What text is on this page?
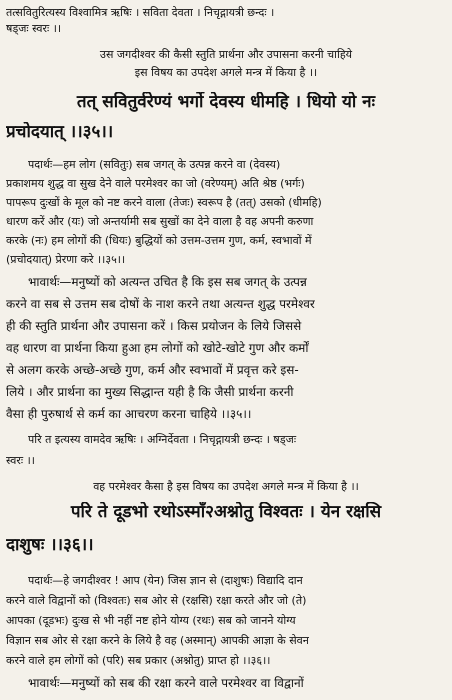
तत्सवितुरित्यस्य विश्वामित्र ऋषिः । सविता देवता । निचृद्गायत्री छन्दः ।
षड्जः स्वरः ।।
उस जगदीश्वर की कैसी स्तुति प्रार्थना और उपासना करनी चाहिये
इस विषय का उपदेश अगले मन्त्र में किया है ।।
तत् सवितुर्वरेण्यं भर्गो देवस्य धीमहि । धियो यो नः
प्रचोदयात् ।।३५।।
पदार्थः—हम लोग (सवितुः) सब जगत् के उत्पन्न करने वा (देवस्य)
प्रकाशमय शुद्ध वा सुख देने वाले परमेश्वर का जो (वरेण्यम्) अति श्रेष्ठ (भर्गः)
पापरूप दुःखों के मूल को नष्ट करने वाला (तेजः) स्वरूप है (तत्) उसको (धीमहि)
धारण करें और (यः) जो अन्तर्यामी सब सुखों का देने वाला है वह अपनी करुणा
करके (नः) हम लोगों की (धियः) बुद्धियों को उत्तम-उत्तम गुण, कर्म, स्वभावों में
(प्रचोदयात्) प्रेरणा करे ।।३५।।
भावार्थः—मनुष्यों को अत्यन्त उचित है कि इस सब जगत् के उत्पन्न
करने वा सब से उत्तम सब दोषों के नाश करने तथा अत्यन्त शुद्ध परमेश्वर
ही की स्तुति प्रार्थना और उपासना करें । किस प्रयोजन के लिये जिससे
वह धारण वा प्रार्थना किया हुआ हम लोगों को खोटे-खोटे गुण और कर्मों
से अलग करके अच्छे-अच्छे गुण, कर्म और स्वभावों में प्रवृत्त करे इस-
लिये । और प्रार्थना का मुख्य सिद्धान्त यही है कि जैसी प्रार्थना करनी
वैसा ही पुरुषार्थ से कर्म का आचरण करना चाहिये ।।३५।।
परि त इत्यस्य वामदेव ऋषिः । अग्निर्देवता । निचृद्गायत्री छन्दः । षड्जः
स्वरः ।।
वह परमेश्वर कैसा है इस विषय का उपदेश अगले मन्त्र में किया है ।।
परि ते दूडभो रथोऽस्माँ२अश्नोतु विश्वतः । येन रक्षसि
दाशुषः ।।३६।।
पदार्थः—हे जगदीश्वर ! आप (येन) जिस ज्ञान से (दाशुषः) विद्यादि दान
करने वाले विद्वानों को (विश्वतः) सब ओर से (रक्षसि) रक्षा करते और जो (ते)
आपका (दूडभः) दुःख से भी नहीं नष्ट होने योग्य (रथः) सब को जानने योग्य
विज्ञान सब ओर से रक्षा करने के लिये है वह (अस्मान्) आपकी आज्ञा के सेवन
करने वाले हम लोगों को (परि) सब प्रकार (अश्नोतु) प्राप्त हो ।।३६।।
भावार्थः—मनुष्यों को सब की रक्षा करने वाले परमेश्वर वा विद्वानों
